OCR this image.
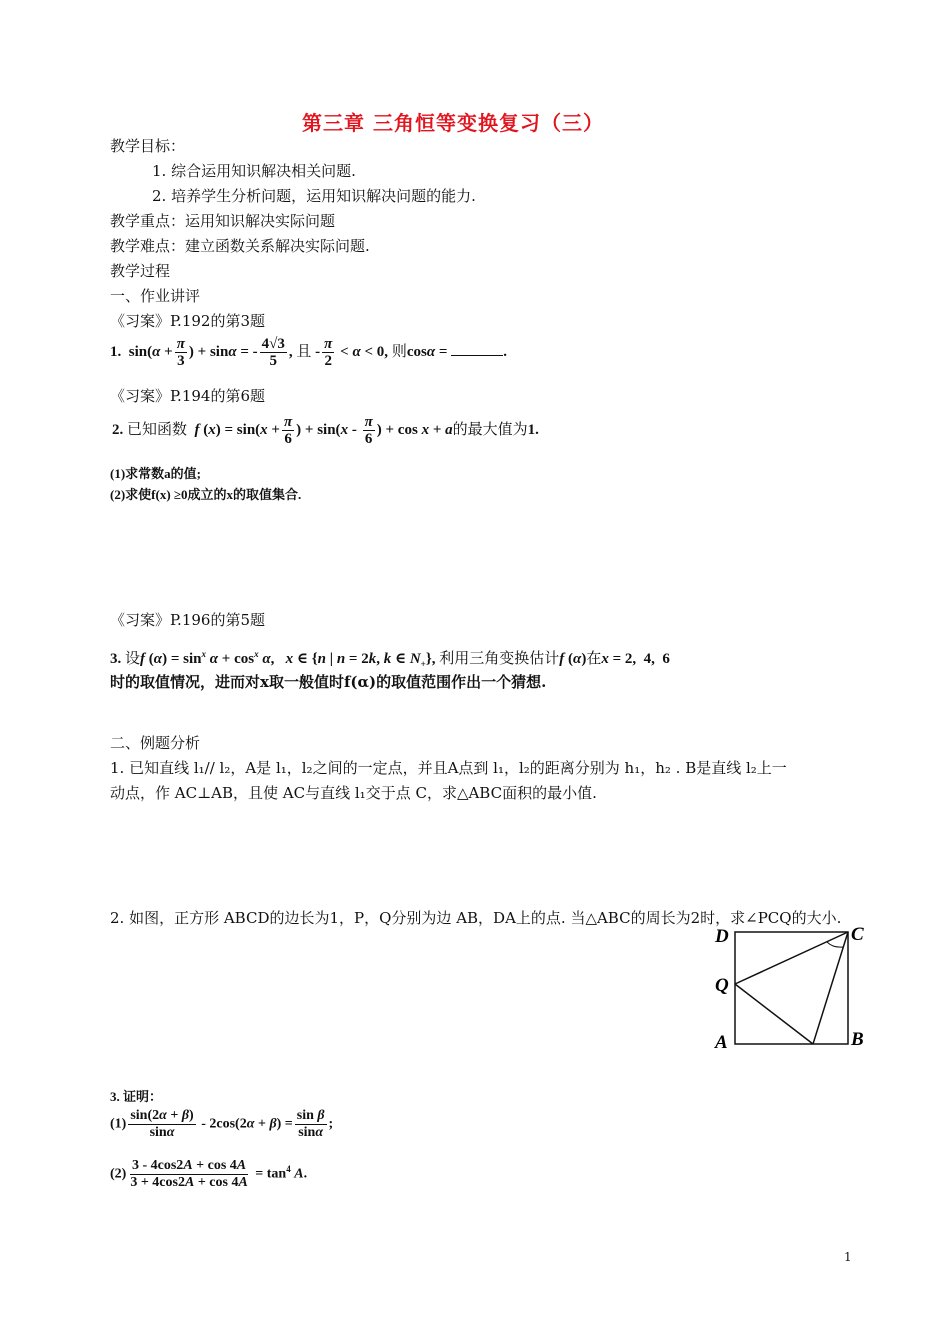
第三章 三角恒等变换复习（三）
教学目标：
1. 综合运用知识解决相关问题.
2. 培养学生分析问题，运用知识解决问题的能力.
教学重点：运用知识解决实际问题
教学难点：建立函数关系解决实际问题.
教学过程
一、作业讲评
《习案》P.192的第3题
1.  $\sin(\alpha + \frac{\pi}{3}$ ) + sinα = - $\frac{4√3}{5}$ , 且 - $\frac{\pi}{2} < \alpha < 0$, 则cosα =	.
《习案》P.194的第6题
2. 已知函数 f $(x) = \sin(x + \frac{\pi}{6}$ ) + $\sin(x - \frac{\pi}{6}$ ) + cos x + a的最大值为1.
(1)求常数a的值;
(2)求使f(x) ≥0成立的x的取值集合.
《习案》P.196的第5题
3. 设f $(\alpha) = \sin^x \alpha + \cos^x \alpha$,   x ∈ {n | n = 2k, k ∈ $N_+$}, 利用三角变换估计f (α)在x = 2,  4,  6
时的取值情况，进而对x取一般值时f(α)的取值范围作出一个猜想.
二、例题分析
1. 已知直线 l₁// l₂，A是 l₁，l₂之间的一定点，并且A点到 l₁，l₂的距离分别为 h₁，h₂ . B是直线 l₂上一
动点，作 AC⊥AB，且使 AC与直线 l₁交于点 C，求△ABC面积的最小值.
2. 如图，正方形 ABCD的边长为1，P，Q分别为边 AB，DA上的点. 当△ABC的周长为2时，求∠PCQ的大小.
D	C
Q
A	B
3. 证明：
$(1) \frac{\sin(2\alpha + \beta)}{\sin\alpha} - 2\cos(2\alpha + \beta) = \frac{\text{sin β}}{\sin\alpha}$ ;
$(2) \frac{3 - 4\cos 2A + \cos 4A}{3 + 4\cos 2A + \cos 4A} = \tan^4 A$.
1
